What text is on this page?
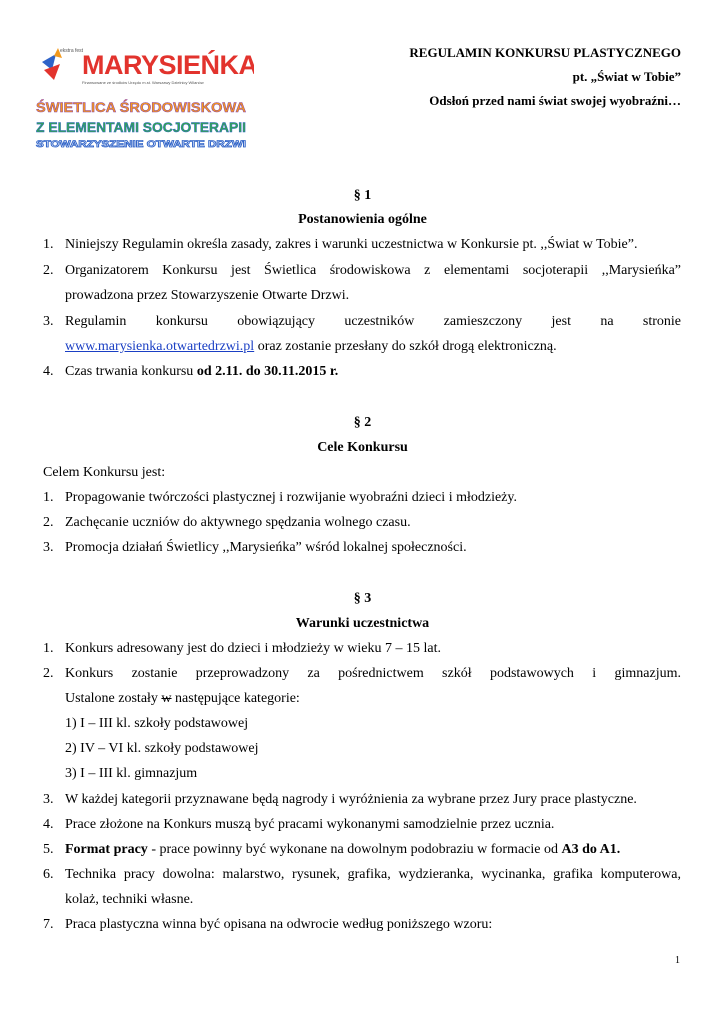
ekstra fest
MARYSIEŃKA
Finansowane ze środków Urzędu m.st. Warszawy Dzielnicy Wilanów
ŚWIETLICA ŚRODOWISKOWA
Z ELEMENTAMI SOCJOTERAPII
STOWARZYSZENIE OTWARTE DRZWI
REGULAMIN KONKURSU PLASTYCZNEGO
pt. „Świat w Tobie”
Odsłoń przed nami świat swojej wyobraźni…
§ 1
Postanowienia ogólne
1. Niniejszy Regulamin określa zasady, zakres i warunki uczestnictwa w Konkursie pt. ,,Świat w Tobie”.
2. Organizatorem Konkursu jest Świetlica środowiskowa z elementami socjoterapii ,,Marysieńka”
prowadzona przez Stowarzyszenie Otwarte Drzwi.
3. Regulamin konkursu obowiązujący uczestników zamieszczony jest na stronie
www.marysienka.otwartedrzwi.pl oraz zostanie przesłany do szkół drogą elektroniczną.
4. Czas trwania konkursu od 2.11. do 30.11.2015 r.
§ 2
Cele Konkursu
Celem Konkursu jest:
1. Propagowanie twórczości plastycznej i rozwijanie wyobraźni dzieci i młodzieży.
2. Zachęcanie uczniów do aktywnego spędzania wolnego czasu.
3. Promocja działań Świetlicy ,,Marysieńka” wśród lokalnej społeczności.
§ 3
Warunki uczestnictwa
1. Konkurs adresowany jest do dzieci i młodzieży w wieku 7 – 15 lat.
2. Konkurs zostanie przeprowadzony za pośrednictwem szkół podstawowych i gimnazjum.
Ustalone zostały w następujące kategorie:
1) I – III kl. szkoły podstawowej
2) IV – VI kl. szkoły podstawowej
3) I – III kl. gimnazjum
3. W każdej kategorii przyznawane będą nagrody i wyróżnienia za wybrane przez Jury prace plastyczne.
4. Prace złożone na Konkurs muszą być pracami wykonanymi samodzielnie przez ucznia.
5. Format pracy - prace powinny być wykonane na dowolnym podobraziu w formacie od A3 do A1.
6. Technika pracy dowolna: malarstwo, rysunek, grafika, wydzieranka, wycinanka, grafika komputerowa,
kolaż, techniki własne.
7. Praca plastyczna winna być opisana na odwrocie według poniższego wzoru:
1
